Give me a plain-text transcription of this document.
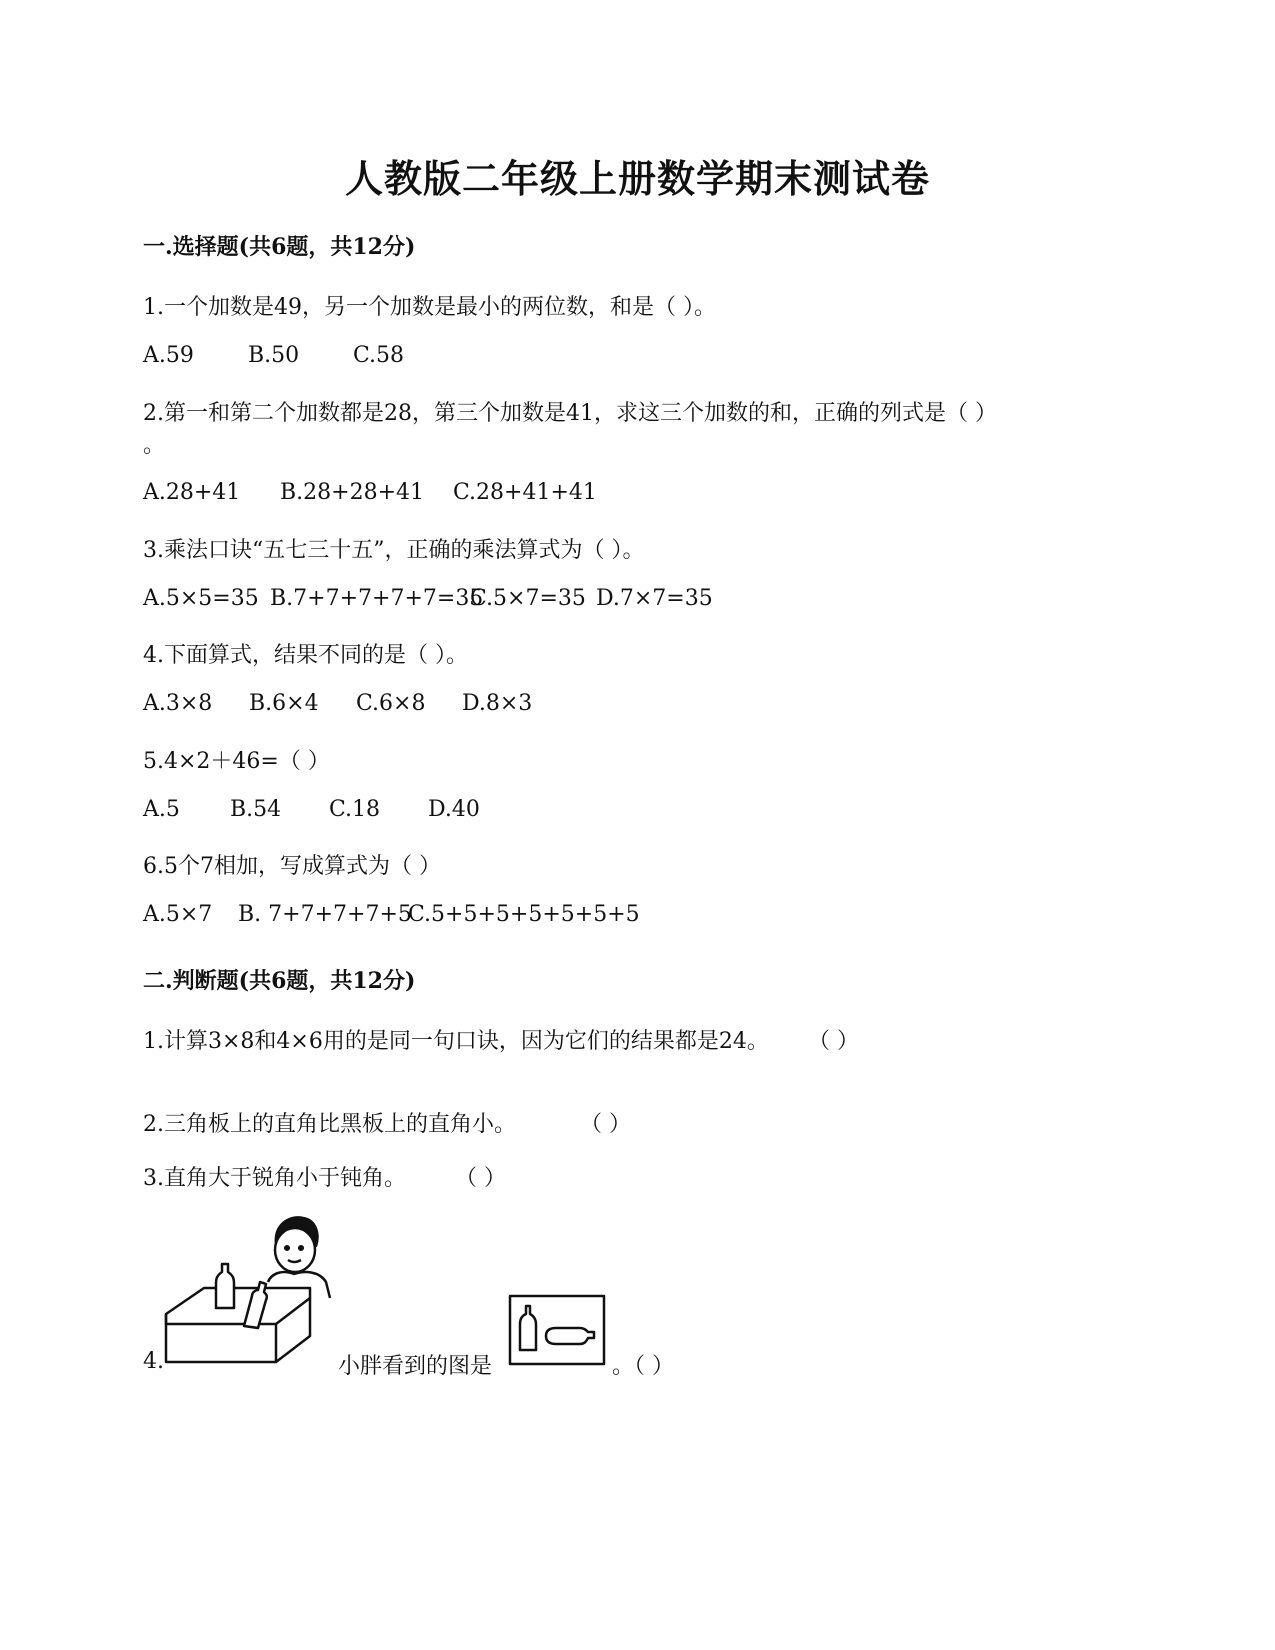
人教版二年级上册数学期末测试卷
一.选择题(共6题，共12分)
1.一个加数是49，另一个加数是最小的两位数，和是（ ）。
A.59 B.50 C.58
2.第一和第二个加数都是28，第三个加数是41，求这三个加数的和，正确的列式是（ ）
。
A.28+41 B.28+28+41 C.28+41+41
3.乘法口诀“五七三十五”，正确的乘法算式为（ ）。
A.5×5=35 B.7+7+7+7+7=35
C.5×7=35 D.7×7=35
4.下面算式，结果不同的是（ ）。
A.3×8 B.6×4 C.6×8 D.8×3
5.4×2＋46=（ ）
A.5 B.54 C.18 D.40
6.5个7相加，写成算式为（ ）
A.5×7 B. 7+7+7+7+5
C.5+5+5+5+5+5+5
二.判断题(共6题，共12分)
1.计算3×8和4×6用的是同一句口诀，因为它们的结果都是24。 （ ）
2.三角板上的直角比黑板上的直角小。	（ ）
3.直角大于锐角小于钝角。 （ ）
4.	小胖看到的图是	。（ ）
